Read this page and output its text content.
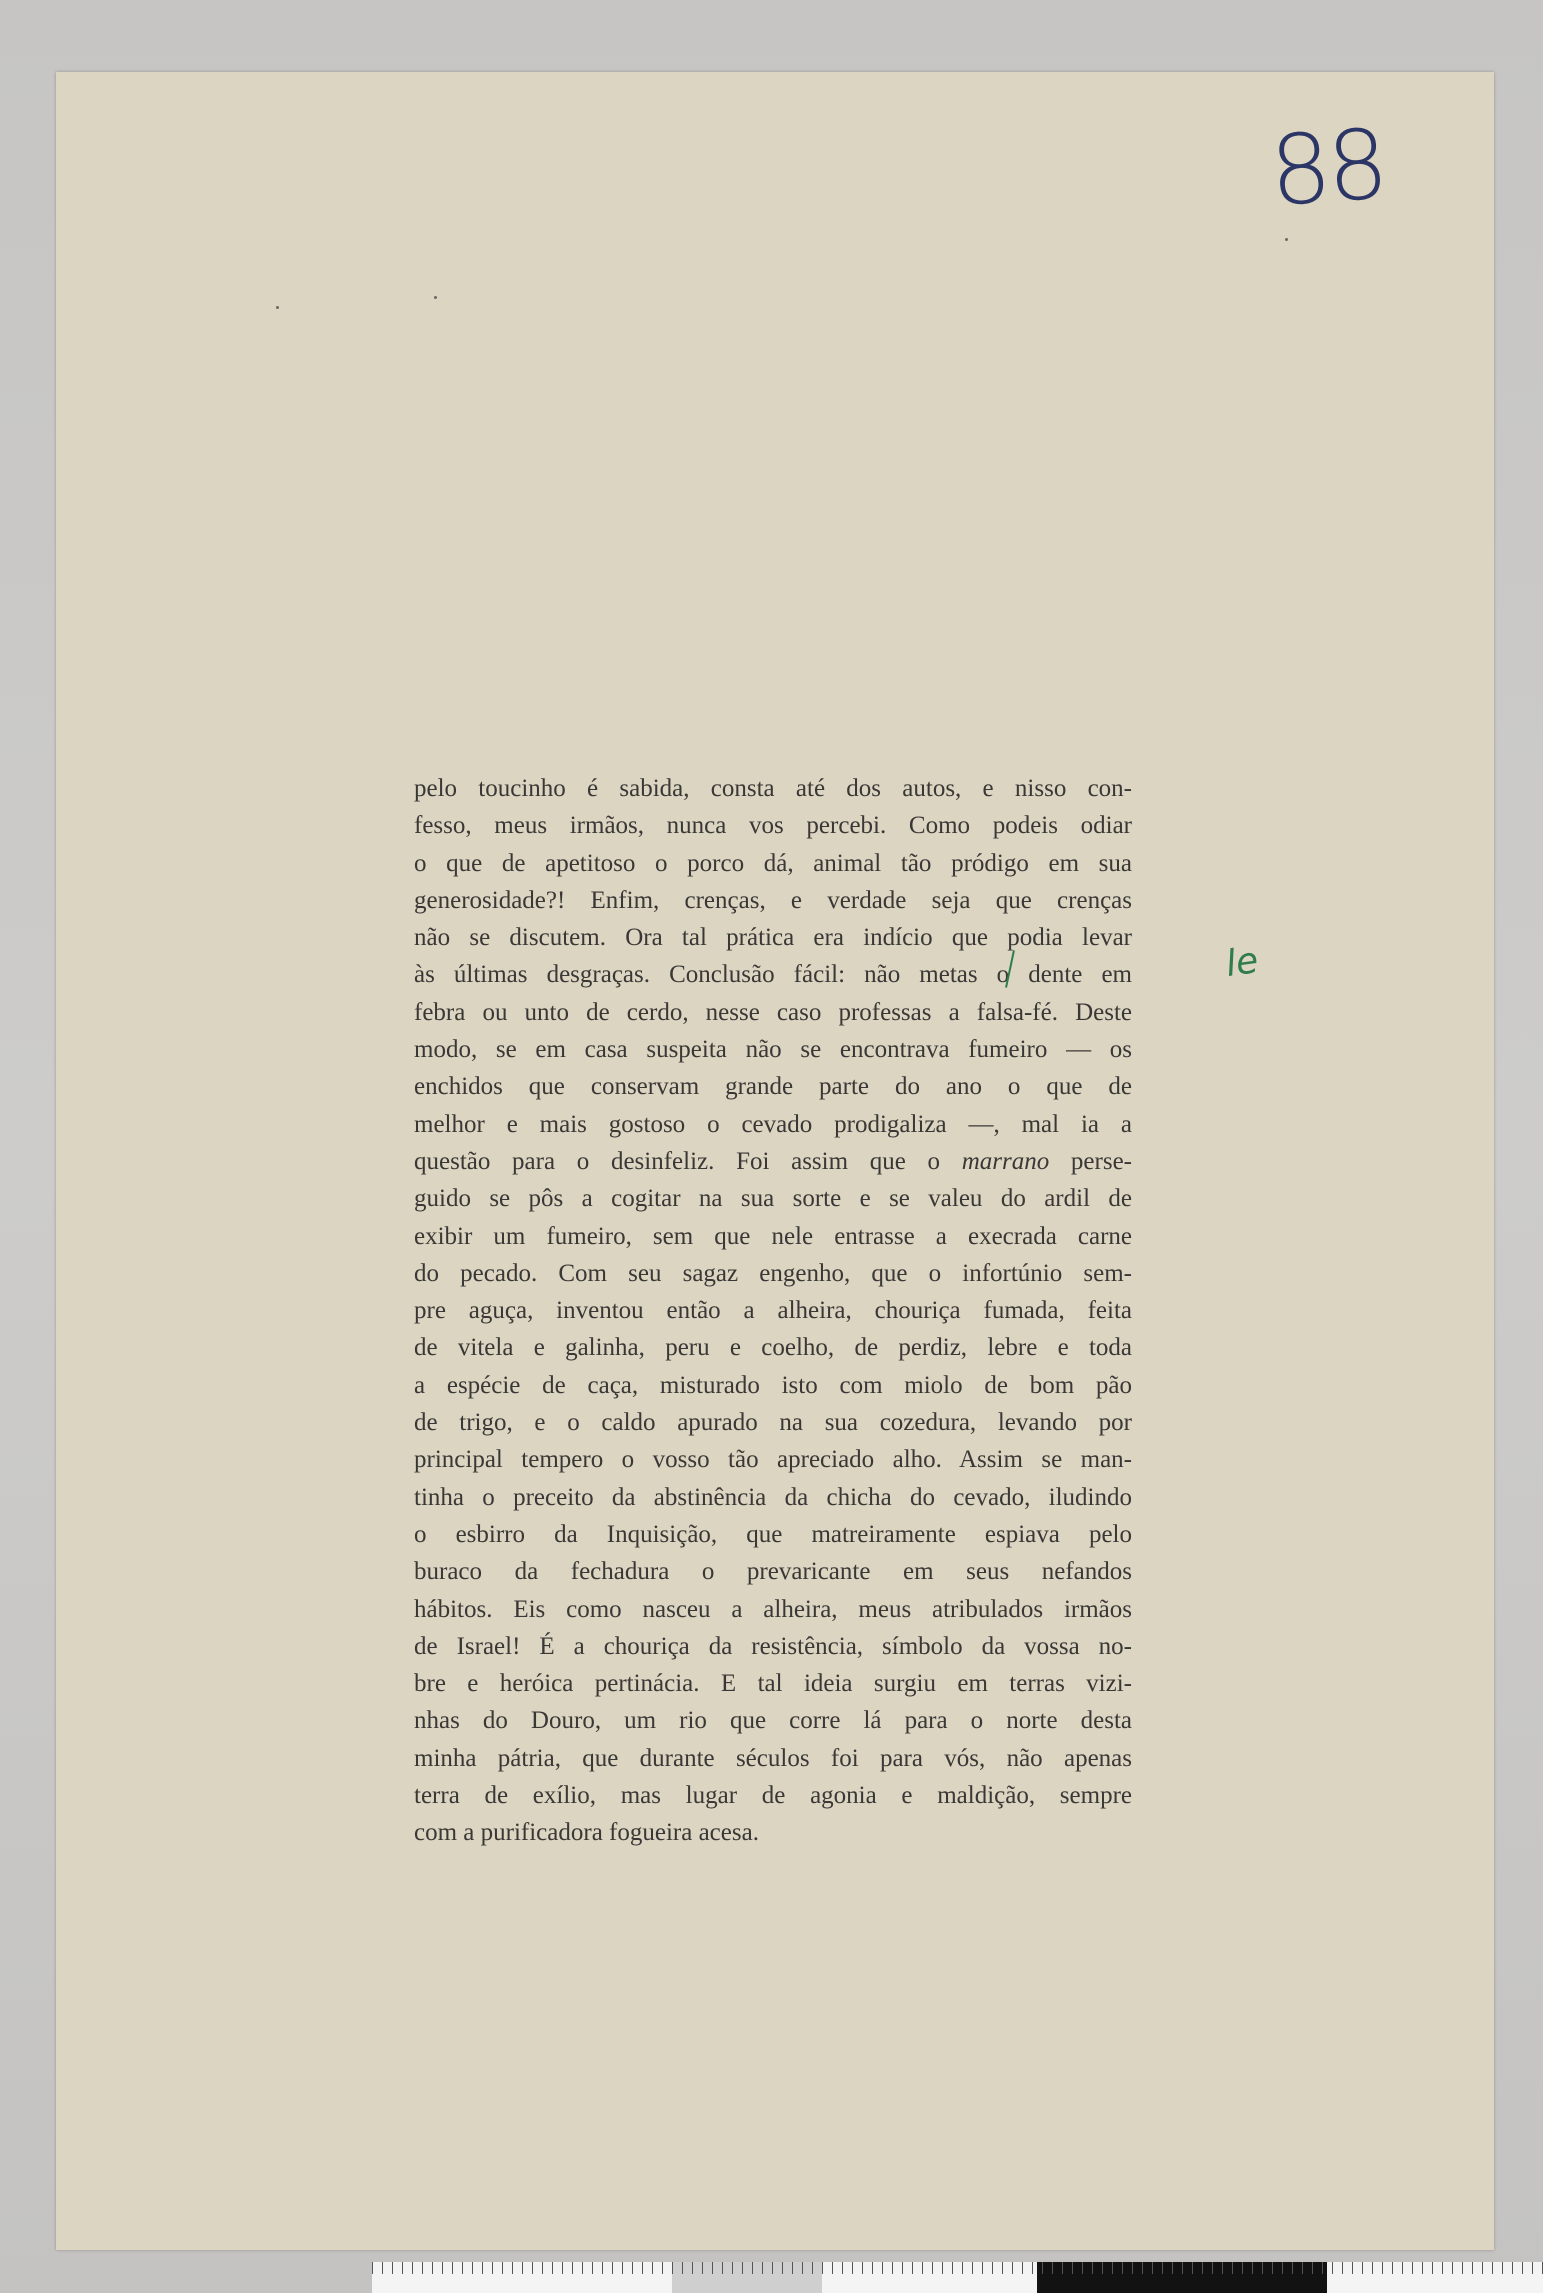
88
pelo toucinho é sabida, consta até dos autos, e nisso con-
fesso, meus irmãos, nunca vos percebi. Como podeis odiar
o que de apetitoso o porco dá, animal tão pródigo em sua
generosidade?! Enfim, crenças, e verdade seja que crenças
não se discutem. Ora tal prática era indício que podia levar
às últimas desgraças. Conclusão fácil: não metas o dente em
febra ou unto de cerdo, nesse caso professas a falsa-fé. Deste
modo, se em casa suspeita não se encontrava fumeiro — os
enchidos que conservam grande parte do ano o que de
melhor e mais gostoso o cevado prodigaliza —, mal ia a
questão para o desinfeliz. Foi assim que o marrano perse-
guido se pôs a cogitar na sua sorte e se valeu do ardil de
exibir um fumeiro, sem que nele entrasse a execrada carne
do pecado. Com seu sagaz engenho, que o infortúnio sem-
pre aguça, inventou então a alheira, chouriça fumada, feita
de vitela e galinha, peru e coelho, de perdiz, lebre e toda
a espécie de caça, misturado isto com miolo de bom pão
de trigo, e o caldo apurado na sua cozedura, levando por
principal tempero o vosso tão apreciado alho. Assim se man-
tinha o preceito da abstinência da chicha do cevado, iludindo
o esbirro da Inquisição, que matreiramente espiava pelo
buraco da fechadura o prevaricante em seus nefandos
hábitos. Eis como nasceu a alheira, meus atribulados irmãos
de Israel! É a chouriça da resistência, símbolo da vossa no-
bre e heróica pertinácia. E tal ideia surgiu em terras vizi-
nhas do Douro, um rio que corre lá para o norte desta
minha pátria, que durante séculos foi para vós, não apenas
terra de exílio, mas lugar de agonia e maldição, sempre
com a purificadora fogueira acesa.
le
